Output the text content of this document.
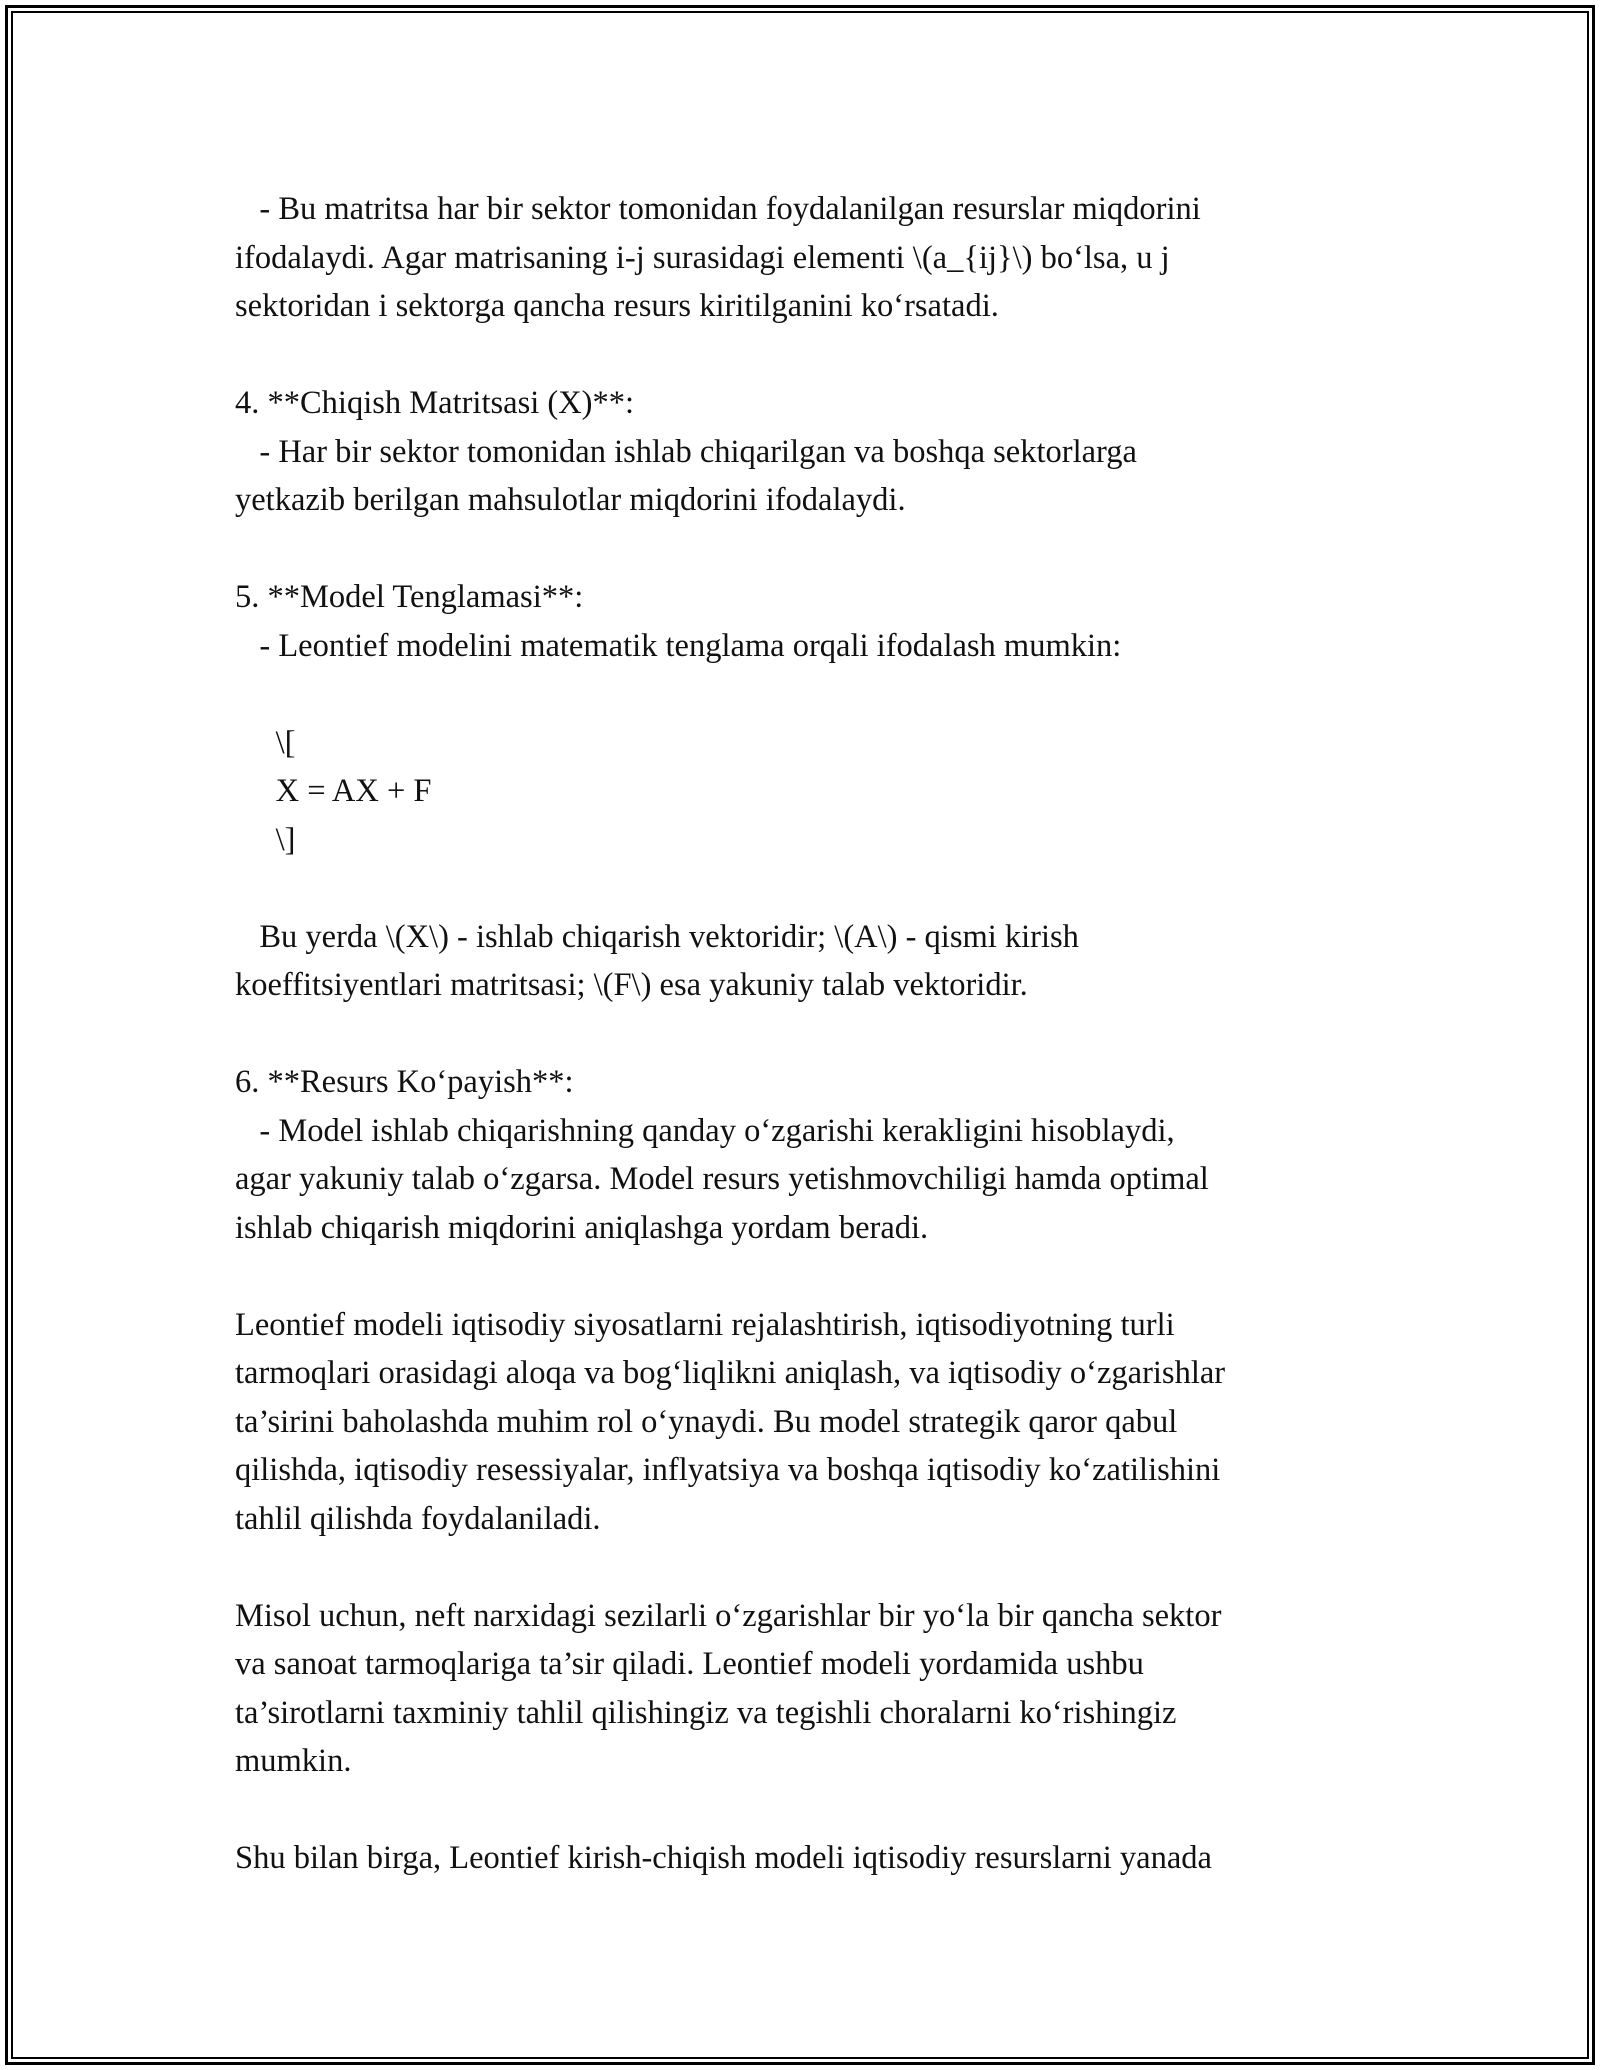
- Bu matritsa har bir sektor tomonidan foydalanilgan resurslar miqdorini
ifodalaydi. Agar matrisaning i-j surasidagi elementi \(a_{ij}\) bo‘lsa, u j
sektoridan i sektorga qancha resurs kiritilganini ko‘rsatadi.
4. **Chiqish Matritsasi (X)**:
- Har bir sektor tomonidan ishlab chiqarilgan va boshqa sektorlarga
yetkazib berilgan mahsulotlar miqdorini ifodalaydi.
5. **Model Tenglamasi**:
- Leontief modelini matematik tenglama orqali ifodalash mumkin:
\[
X = AX + F
\]
Bu yerda \(X\) - ishlab chiqarish vektoridir; \(A\) - qismi kirish
koeffitsiyentlari matritsasi; \(F\) esa yakuniy talab vektoridir.
6. **Resurs Ko‘payish**:
- Model ishlab chiqarishning qanday o‘zgarishi kerakligini hisoblaydi,
agar yakuniy talab o‘zgarsa. Model resurs yetishmovchiligi hamda optimal
ishlab chiqarish miqdorini aniqlashga yordam beradi.
Leontief modeli iqtisodiy siyosatlarni rejalashtirish, iqtisodiyotning turli
tarmoqlari orasidagi aloqa va bog‘liqlikni aniqlash, va iqtisodiy o‘zgarishlar
ta’sirini baholashda muhim rol o‘ynaydi. Bu model strategik qaror qabul
qilishda, iqtisodiy resessiyalar, inflyatsiya va boshqa iqtisodiy ko‘zatilishini
tahlil qilishda foydalaniladi.
Misol uchun, neft narxidagi sezilarli o‘zgarishlar bir yo‘la bir qancha sektor
va sanoat tarmoqlariga ta’sir qiladi. Leontief modeli yordamida ushbu
ta’sirotlarni taxminiy tahlil qilishingiz va tegishli choralarni ko‘rishingiz
mumkin.
Shu bilan birga, Leontief kirish-chiqish modeli iqtisodiy resurslarni yanada
